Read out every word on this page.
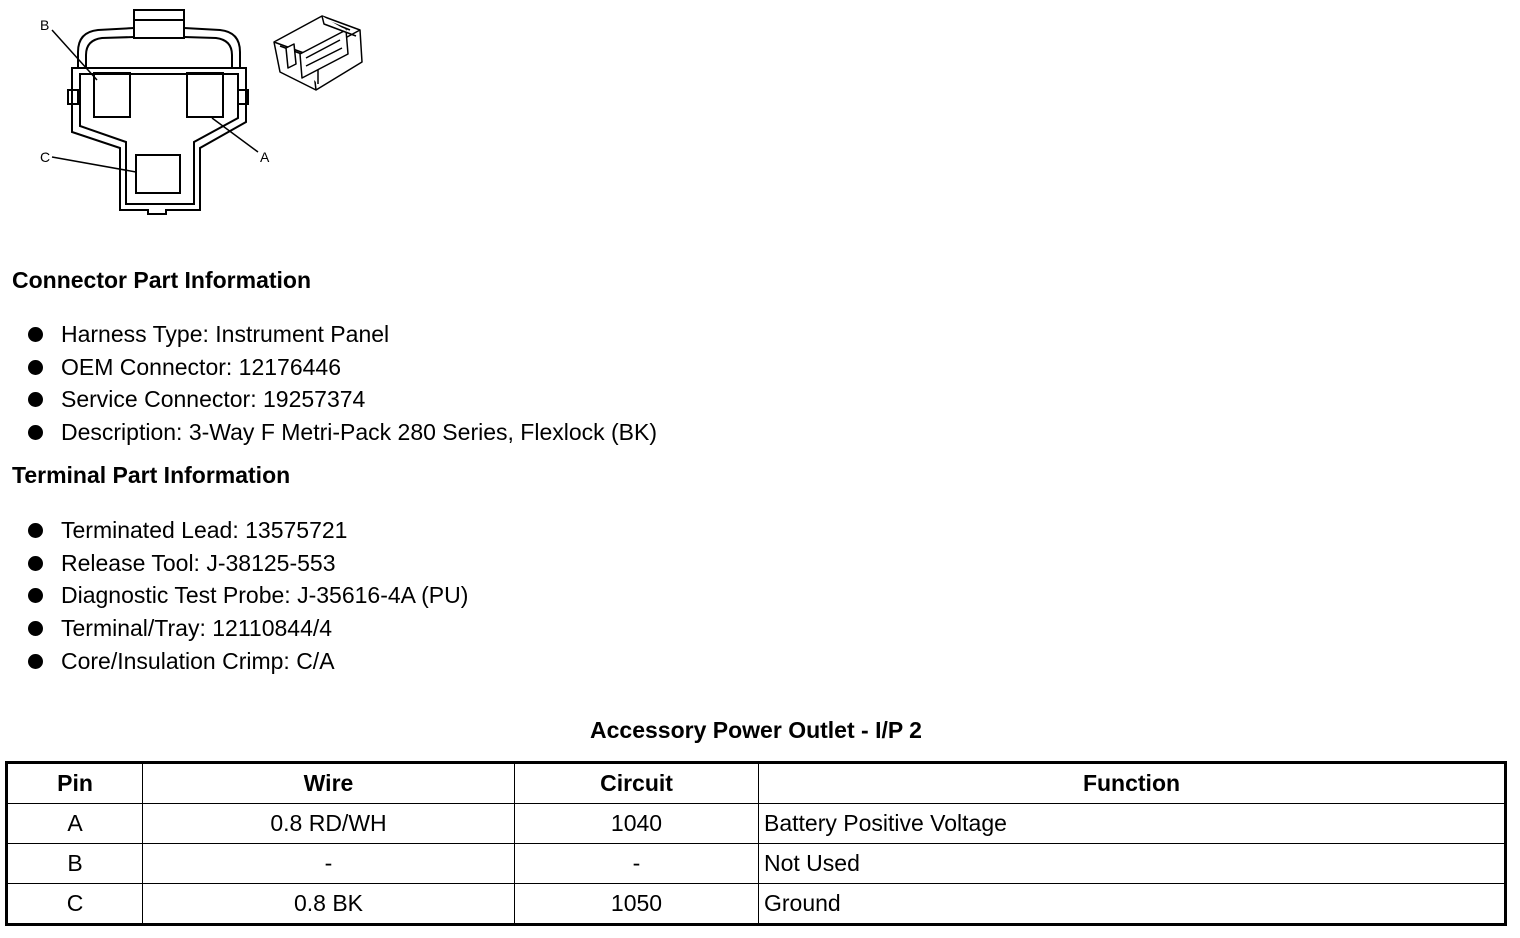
B
A
C
Connector Part Information
Harness Type: Instrument Panel
OEM Connector: 12176446
Service Connector: 19257374
Description: 3-Way F Metri-Pack 280 Series, Flexlock (BK)
Terminal Part Information
Terminated Lead: 13575721
Release Tool: J-38125-553
Diagnostic Test Probe: J-35616-4A (PU)
Terminal/Tray: 12110844/4
Core/Insulation Crimp: C/A
Accessory Power Outlet - I/P 2
Pin	Wire	Circuit	Function
A	0.8 RD/WH	1040	Battery Positive Voltage
B	-	-	Not Used
C	0.8 BK	1050	Ground
